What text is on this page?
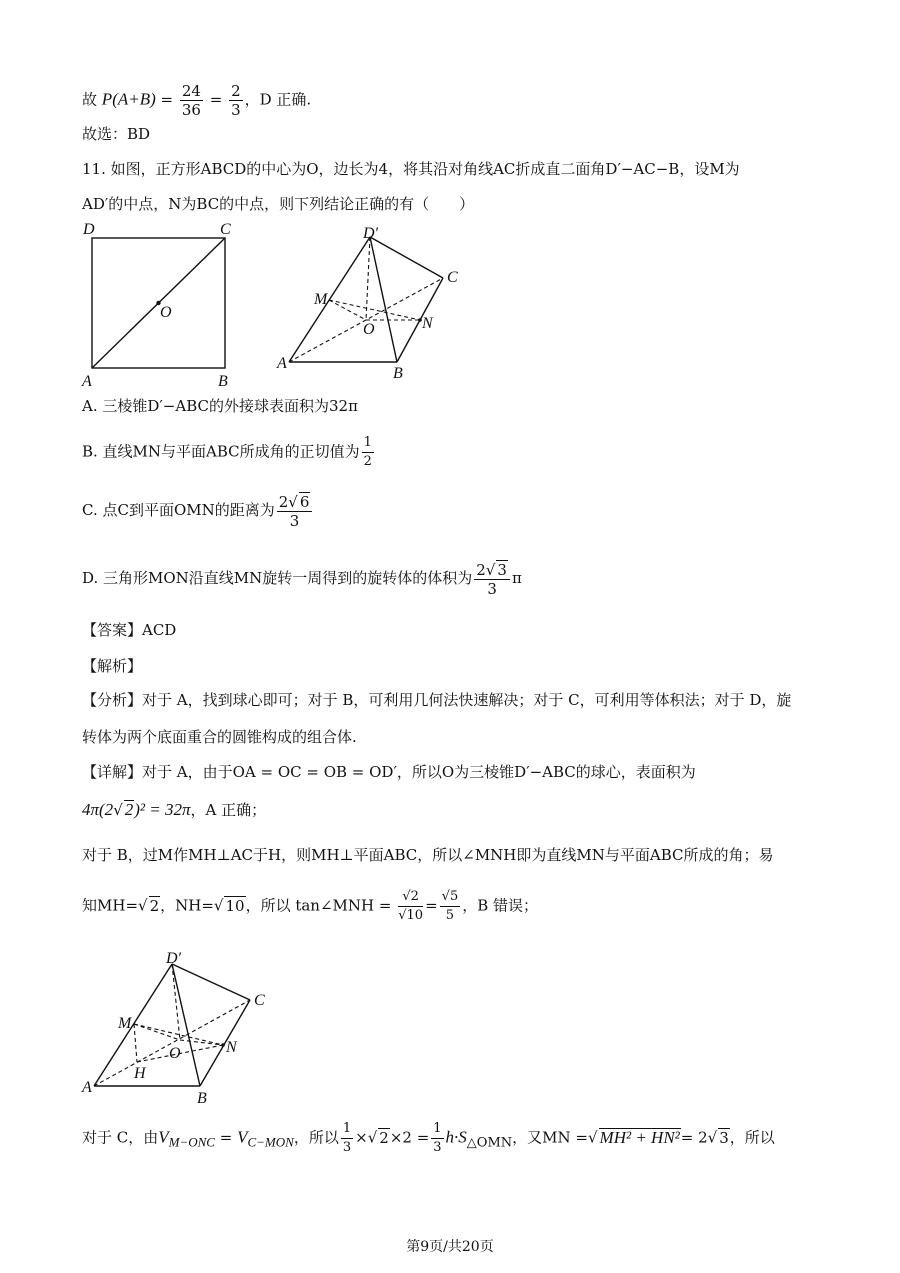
故 $P(A+B) = \frac{24}{36} = \frac{2}{3}$ ，D 正确.
故选：BD
11. 如图，正方形ABCD的中心为O，边长为4，将其沿对角线AC折成直二面角D′−AC−B，设M为
AD′的中点，N为BC的中点，则下列结论正确的有（　　）
D	C
O
A	B
D′
C
M
N
O
A
B
A. 三棱锥D′−ABC的外接球表面积为32π
B. 直线MN与平面ABC所成角的正切值为 $\frac{1}{2}$
C. 点C到平面OMN的距离为 $\frac{2√ 6}{3}$
D. 三角形MON沿直线MN旋转一周得到的旋转体的体积为 $\frac{2√ 3}{3}$ π
【答案】ACD
【解析】
【分析】对于 A，找到球心即可；对于 B，可利用几何法快速解决；对于 C，可利用等体积法；对于 D，旋
转体为两个底面重合的圆锥构成的组合体.
【详解】对于 A，由于OA = OC = OB = OD′，所以O为三棱锥D′−ABC的球心，表面积为
4π(2√ 2)² = 32π，A 正确；
对于 B，过M作MH⊥AC于H，则MH⊥平面ABC，所以∠MNH即为直线MN与平面ABC所成的角；易
知MH=√ 2，NH=√ 10，所以 tan∠MNH = $\frac{√2}{√10} = \frac{√5}{5}$ ，B 错误；
D′
C
M
N
O
H
A
B
对于 C，由$V_{M-ONC} = V_{C-MON}$，所以 $\frac{1}{3}$ ×√ $2\times 2 = \frac{1}{3} h\cdot S_{\triangle OMN}$，又MN =√ MH² + HN²= 2√ 3，所以
第9页/共20页
